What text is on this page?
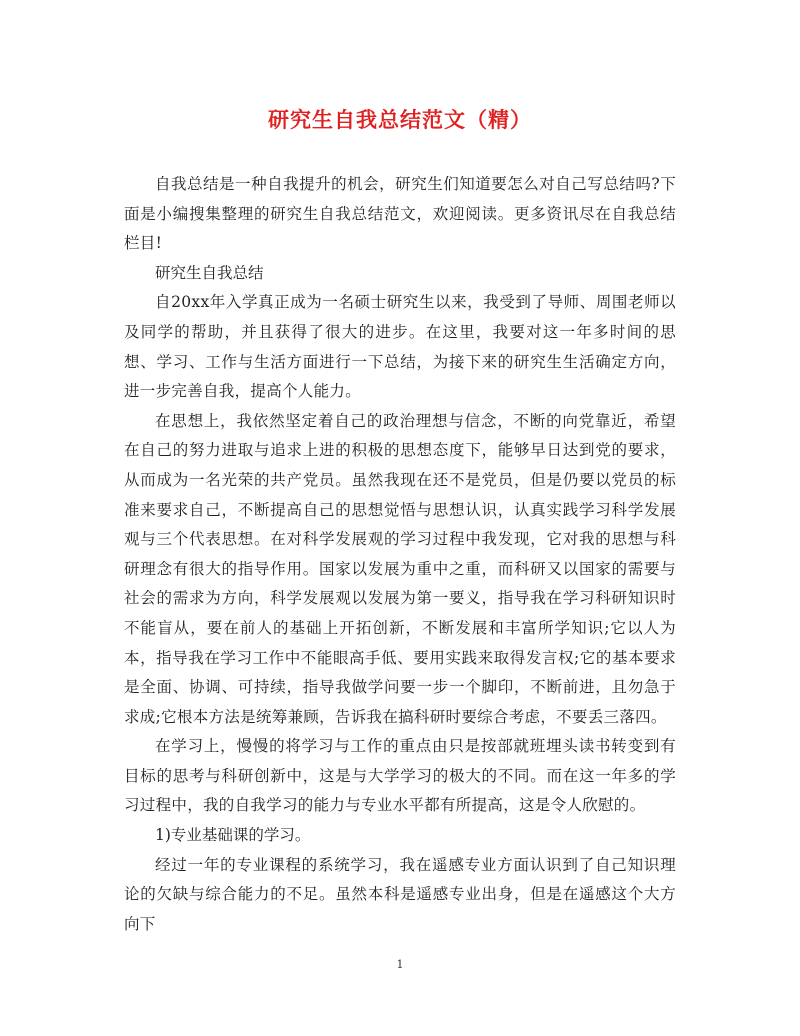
研究生自我总结范文（精）

自我总结是一种自我提升的机会，研究生们知道要怎么对自己写总结吗?下面是小编搜集整理的研究生自我总结范文，欢迎阅读。更多资讯尽在自我总结栏目!

研究生自我总结

自20xx年入学真正成为一名硕士研究生以来，我受到了导师、周围老师以及同学的帮助，并且获得了很大的进步。在这里，我要对这一年多时间的思想、学习、工作与生活方面进行一下总结，为接下来的研究生生活确定方向，进一步完善自我，提高个人能力。

在思想上，我依然坚定着自己的政治理想与信念，不断的向党靠近，希望在自己的努力进取与追求上进的积极的思想态度下，能够早日达到党的要求，从而成为一名光荣的共产党员。虽然我现在还不是党员，但是仍要以党员的标准来要求自己，不断提高自己的思想觉悟与思想认识，认真实践学习科学发展观与三个代表思想。在对科学发展观的学习过程中我发现，它对我的思想与科研理念有很大的指导作用。国家以发展为重中之重，而科研又以国家的需要与社会的需求为方向，科学发展观以发展为第一要义，指导我在学习科研知识时不能盲从，要在前人的基础上开拓创新，不断发展和丰富所学知识;它以人为本，指导我在学习工作中不能眼高手低、要用实践来取得发言权;它的基本要求是全面、协调、可持续，指导我做学问要一步一个脚印，不断前进，且勿急于求成;它根本方法是统筹兼顾，告诉我在搞科研时要综合考虑，不要丢三落四。

在学习上，慢慢的将学习与工作的重点由只是按部就班埋头读书转变到有目标的思考与科研创新中，这是与大学学习的极大的不同。而在这一年多的学习过程中，我的自我学习的能力与专业水平都有所提高，这是令人欣慰的。

1)专业基础课的学习。

经过一年的专业课程的系统学习，我在遥感专业方面认识到了自己知识理论的欠缺与综合能力的不足。虽然本科是遥感专业出身，但是在遥感这个大方向下

1
